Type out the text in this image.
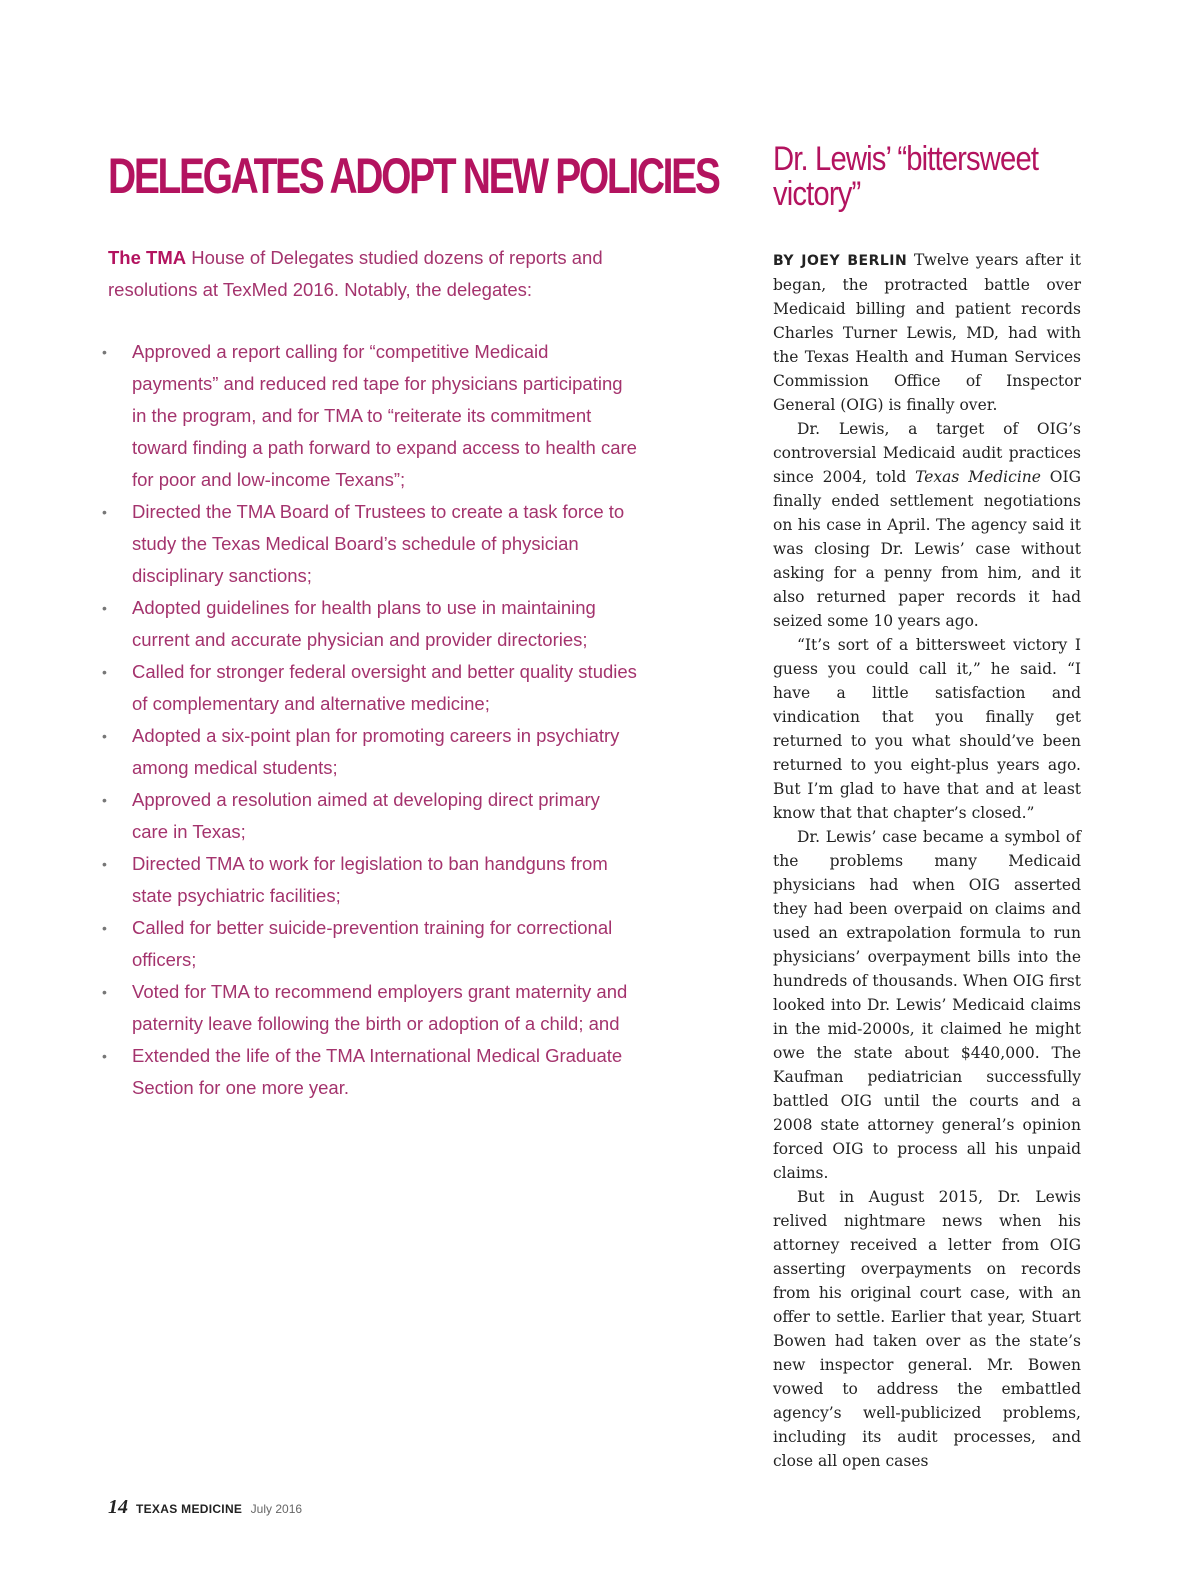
DELEGATES ADOPT NEW POLICIES

The TMA House of Delegates studied dozens of reports and resolutions at TexMed 2016. Notably, the delegates:

• Approved a report calling for “competitive Medicaid payments” and reduced red tape for physicians participating in the program, and for TMA to “reiterate its commitment toward finding a path forward to expand access to health care for poor and low-income Texans”;
• Directed the TMA Board of Trustees to create a task force to study the Texas Medical Board’s schedule of physician disciplinary sanctions;
• Adopted guidelines for health plans to use in maintaining current and accurate physician and provider directories;
• Called for stronger federal oversight and better quality studies of complementary and alternative medicine;
• Adopted a six-point plan for promoting careers in psychiatry among medical students;
• Approved a resolution aimed at developing direct primary care in Texas;
• Directed TMA to work for legislation to ban handguns from state psychiatric facilities;
• Called for better suicide-prevention training for correctional officers;
• Voted for TMA to recommend employers grant maternity and paternity leave following the birth or adoption of a child; and
• Extended the life of the TMA International Medical Graduate Section for one more year.
Dr. Lewis’ “bittersweet victory”

BY JOEY BERLIN Twelve years after it began, the protracted battle over Medicaid billing and patient records Charles Turner Lewis, MD, had with the Texas Health and Human Services Commission Office of Inspector General (OIG) is finally over.

Dr. Lewis, a target of OIG’s controversial Medicaid audit practices since 2004, told Texas Medicine OIG finally ended settlement negotiations on his case in April. The agency said it was closing Dr. Lewis’ case without asking for a penny from him, and it also returned paper records it had seized some 10 years ago.

“It’s sort of a bittersweet victory I guess you could call it,” he said. “I have a little satisfaction and vindication that you finally get returned to you what should’ve been returned to you eight-plus years ago. But I’m glad to have that and at least know that that chapter’s closed.”

Dr. Lewis’ case became a symbol of the problems many Medicaid physicians had when OIG asserted they had been overpaid on claims and used an extrapolation formula to run physicians’ overpayment bills into the hundreds of thousands. When OIG first looked into Dr. Lewis’ Medicaid claims in the mid-2000s, it claimed he might owe the state about $440,000. The Kaufman pediatrician successfully battled OIG until the courts and a 2008 state attorney general’s opinion forced OIG to process all his unpaid claims.

But in August 2015, Dr. Lewis relived nightmare news when his attorney received a letter from OIG asserting overpayments on records from his original court case, with an offer to settle. Earlier that year, Stuart Bowen had taken over as the state’s new inspector general. Mr. Bowen vowed to address the embattled agency’s well-publicized problems, including its audit processes, and close all open cases

14 TEXAS MEDICINE July 2016
